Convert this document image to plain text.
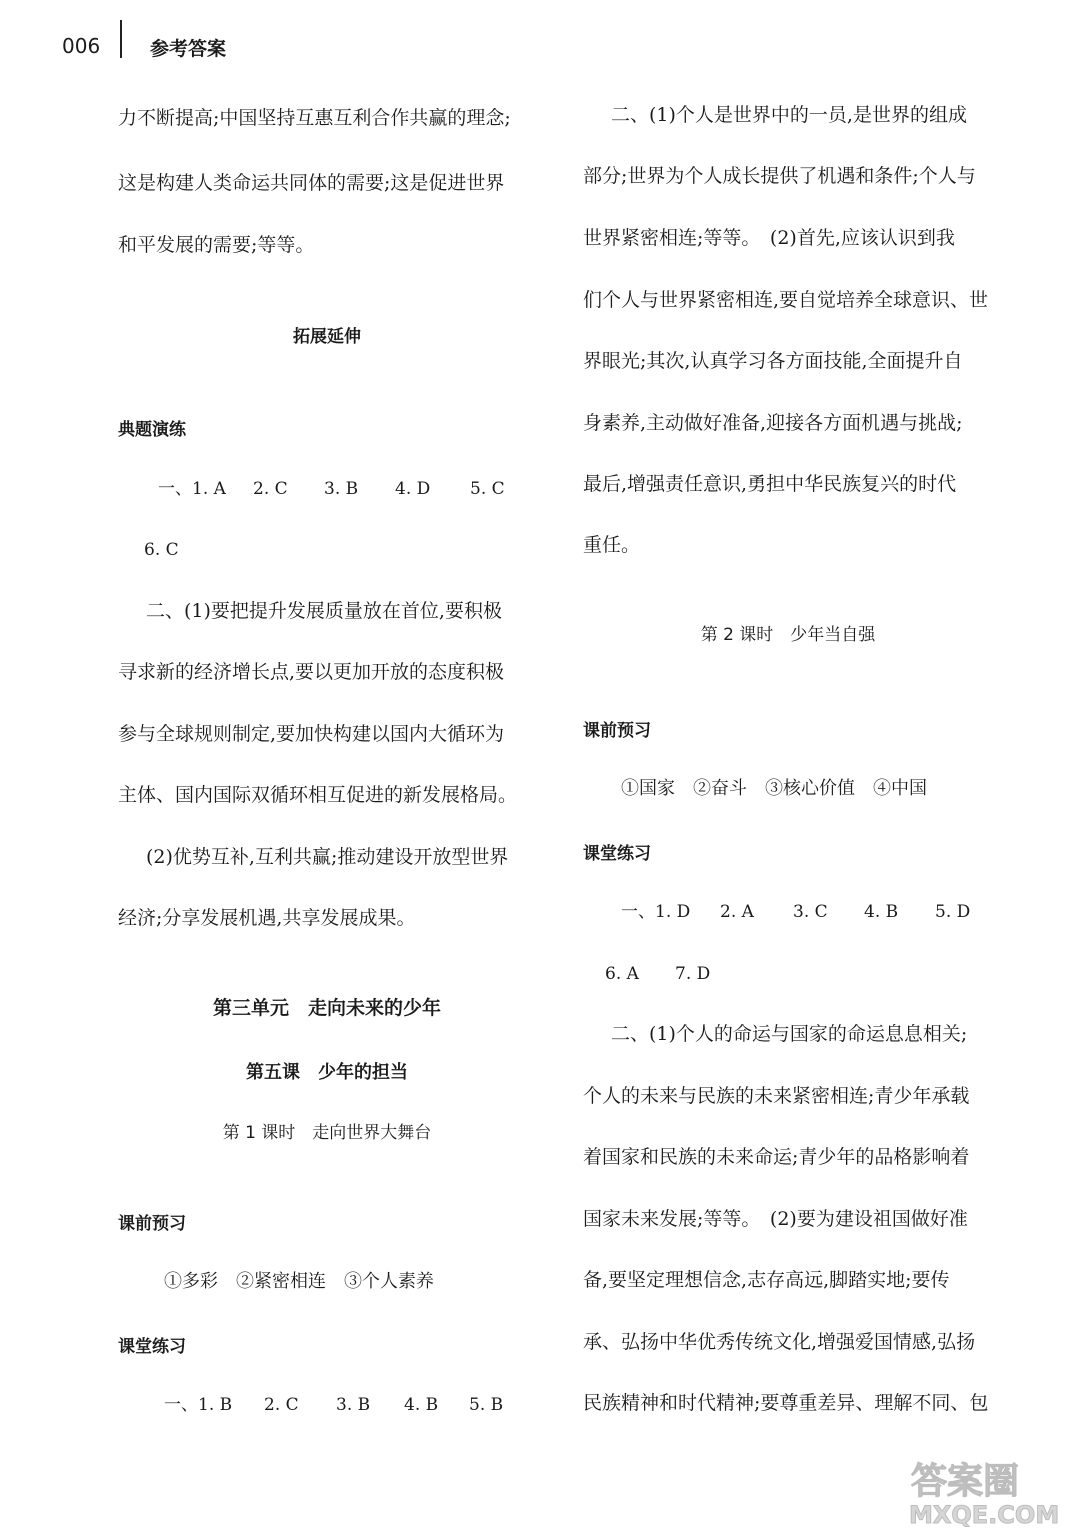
006	参考答案
力不断提高;中国坚持互惠互利合作共赢的理念;
这是构建人类命运共同体的需要;这是促进世界
和平发展的需要;等等。
拓展延伸
典题演练
一、1. A 2. C 3. B 4. D 5. C
6. C
二、(1)要把提升发展质量放在首位,要积极
寻求新的经济增长点,要以更加开放的态度积极
参与全球规则制定,要加快构建以国内大循环为
主体、国内国际双循环相互促进的新发展格局。
(2)优势互补,互利共赢;推动建设开放型世界
经济;分享发展机遇,共享发展成果。
第三单元　走向未来的少年
第五课　少年的担当
第 1 课时　走向世界大舞台
课前预习
①多彩　②紧密相连　③个人素养
课堂练习
一、1. B 2. C 3. B 4. B 5. B
二、(1)个人是世界中的一员,是世界的组成
部分;世界为个人成长提供了机遇和条件;个人与
世界紧密相连;等等。　(2)首先,应该认识到我
们个人与世界紧密相连,要自觉培养全球意识、世
界眼光;其次,认真学习各方面技能,全面提升自
身素养,主动做好准备,迎接各方面机遇与挑战;
最后,增强责任意识,勇担中华民族复兴的时代
重任。
第 2 课时　少年当自强
课前预习
①国家　②奋斗　③核心价值　④中国
课堂练习
一、1. D 2. A 3. C 4. B 5. D
6. A 7. D
二、(1)个人的命运与国家的命运息息相关;
个人的未来与民族的未来紧密相连;青少年承载
着国家和民族的未来命运;青少年的品格影响着
国家未来发展;等等。　(2)要为建设祖国做好准
备,要坚定理想信念,志存高远,脚踏实地;要传
承、弘扬中华优秀传统文化,增强爱国情感,弘扬
民族精神和时代精神;要尊重差异、理解不同、包
答案圈
MXQE.COM
